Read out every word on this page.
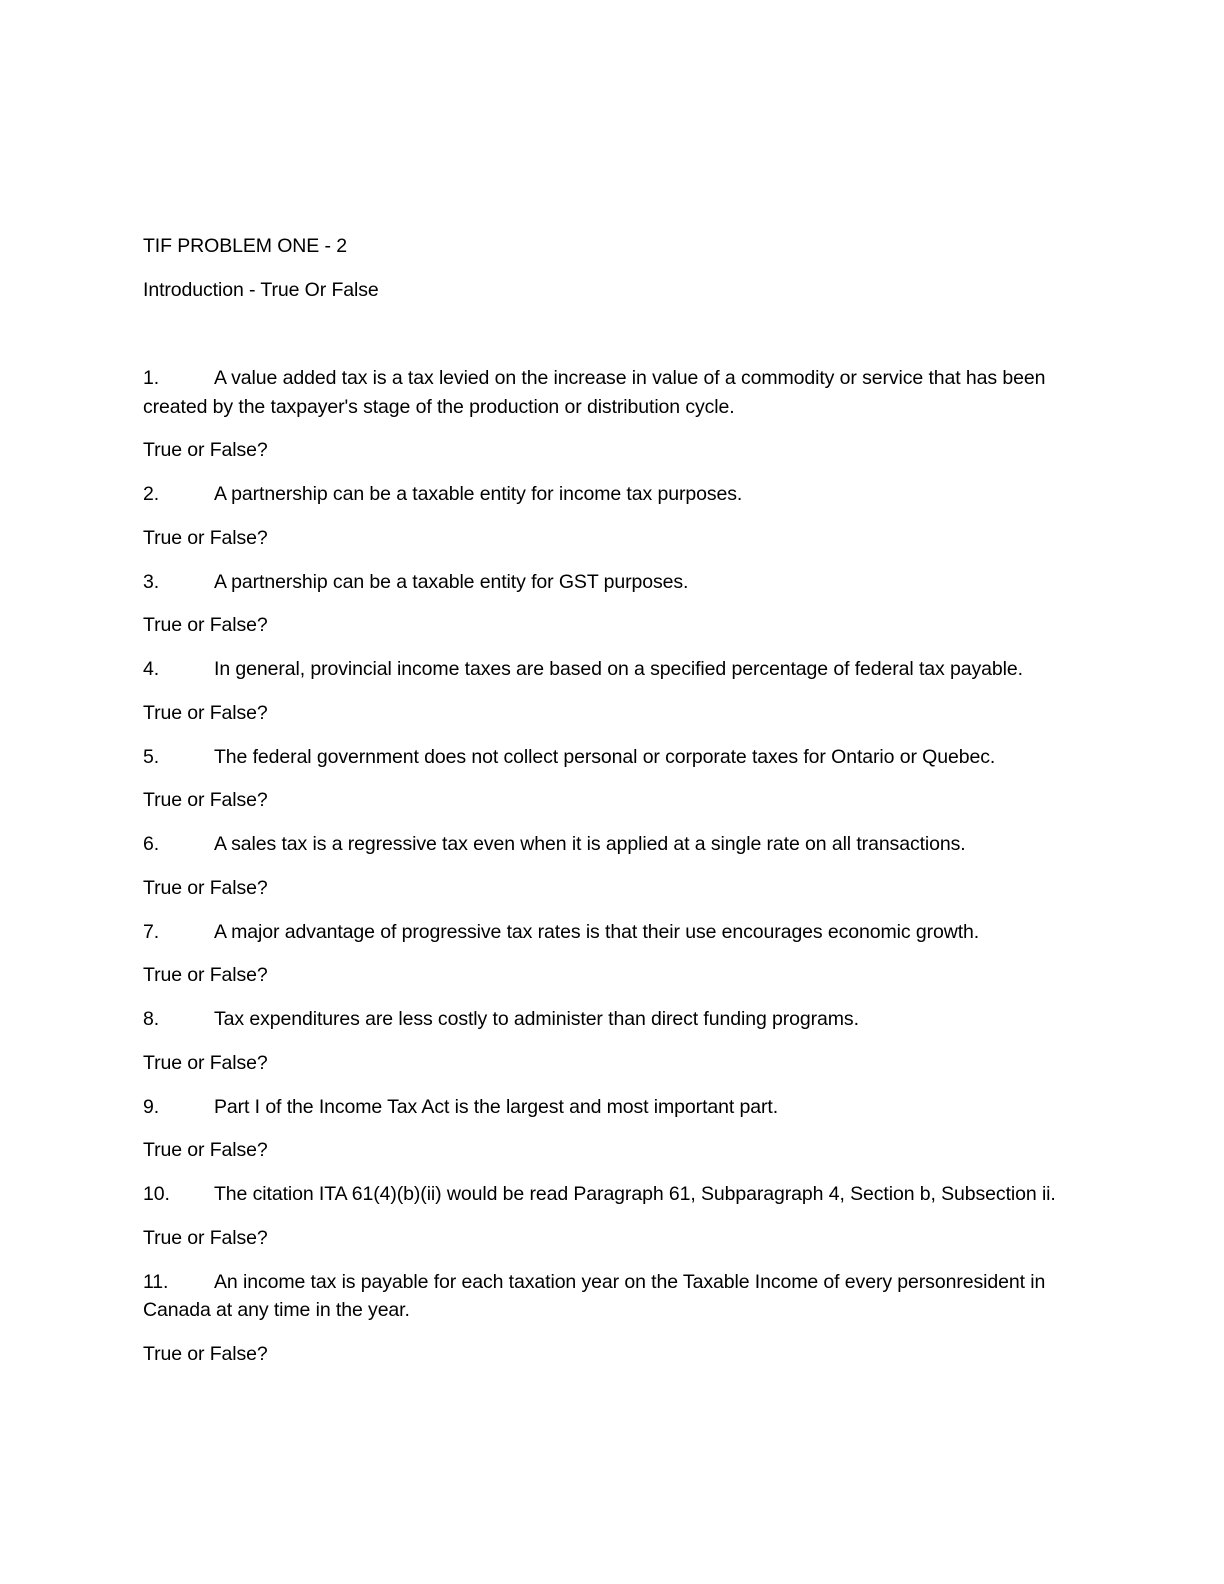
TIF PROBLEM ONE - 2

Introduction - True Or False

1.	A value added tax is a tax levied on the increase in value of a commodity or service that has been created by the taxpayer's stage of the production or distribution cycle.

True or False?

2.	A partnership can be a taxable entity for income tax purposes.

True or False?

3.	A partnership can be a taxable entity for GST purposes.

True or False?

4.	In general, provincial income taxes are based on a specified percentage of federal tax payable.

True or False?

5.	The federal government does not collect personal or corporate taxes for Ontario or Quebec.

True or False?

6.	A sales tax is a regressive tax even when it is applied at a single rate on all transactions.

True or False?

7.	A major advantage of progressive tax rates is that their use encourages economic growth.

True or False?

8.	Tax expenditures are less costly to administer than direct funding programs.

True or False?

9.	Part I of the Income Tax Act is the largest and most important part.

True or False?

10. The citation ITA 61(4)(b)(ii) would be read Paragraph 61, Subparagraph 4, Section b, Subsection ii.

True or False?

11. An income tax is payable for each taxation year on the Taxable Income of every personresident in Canada at any time in the year.

True or False?
